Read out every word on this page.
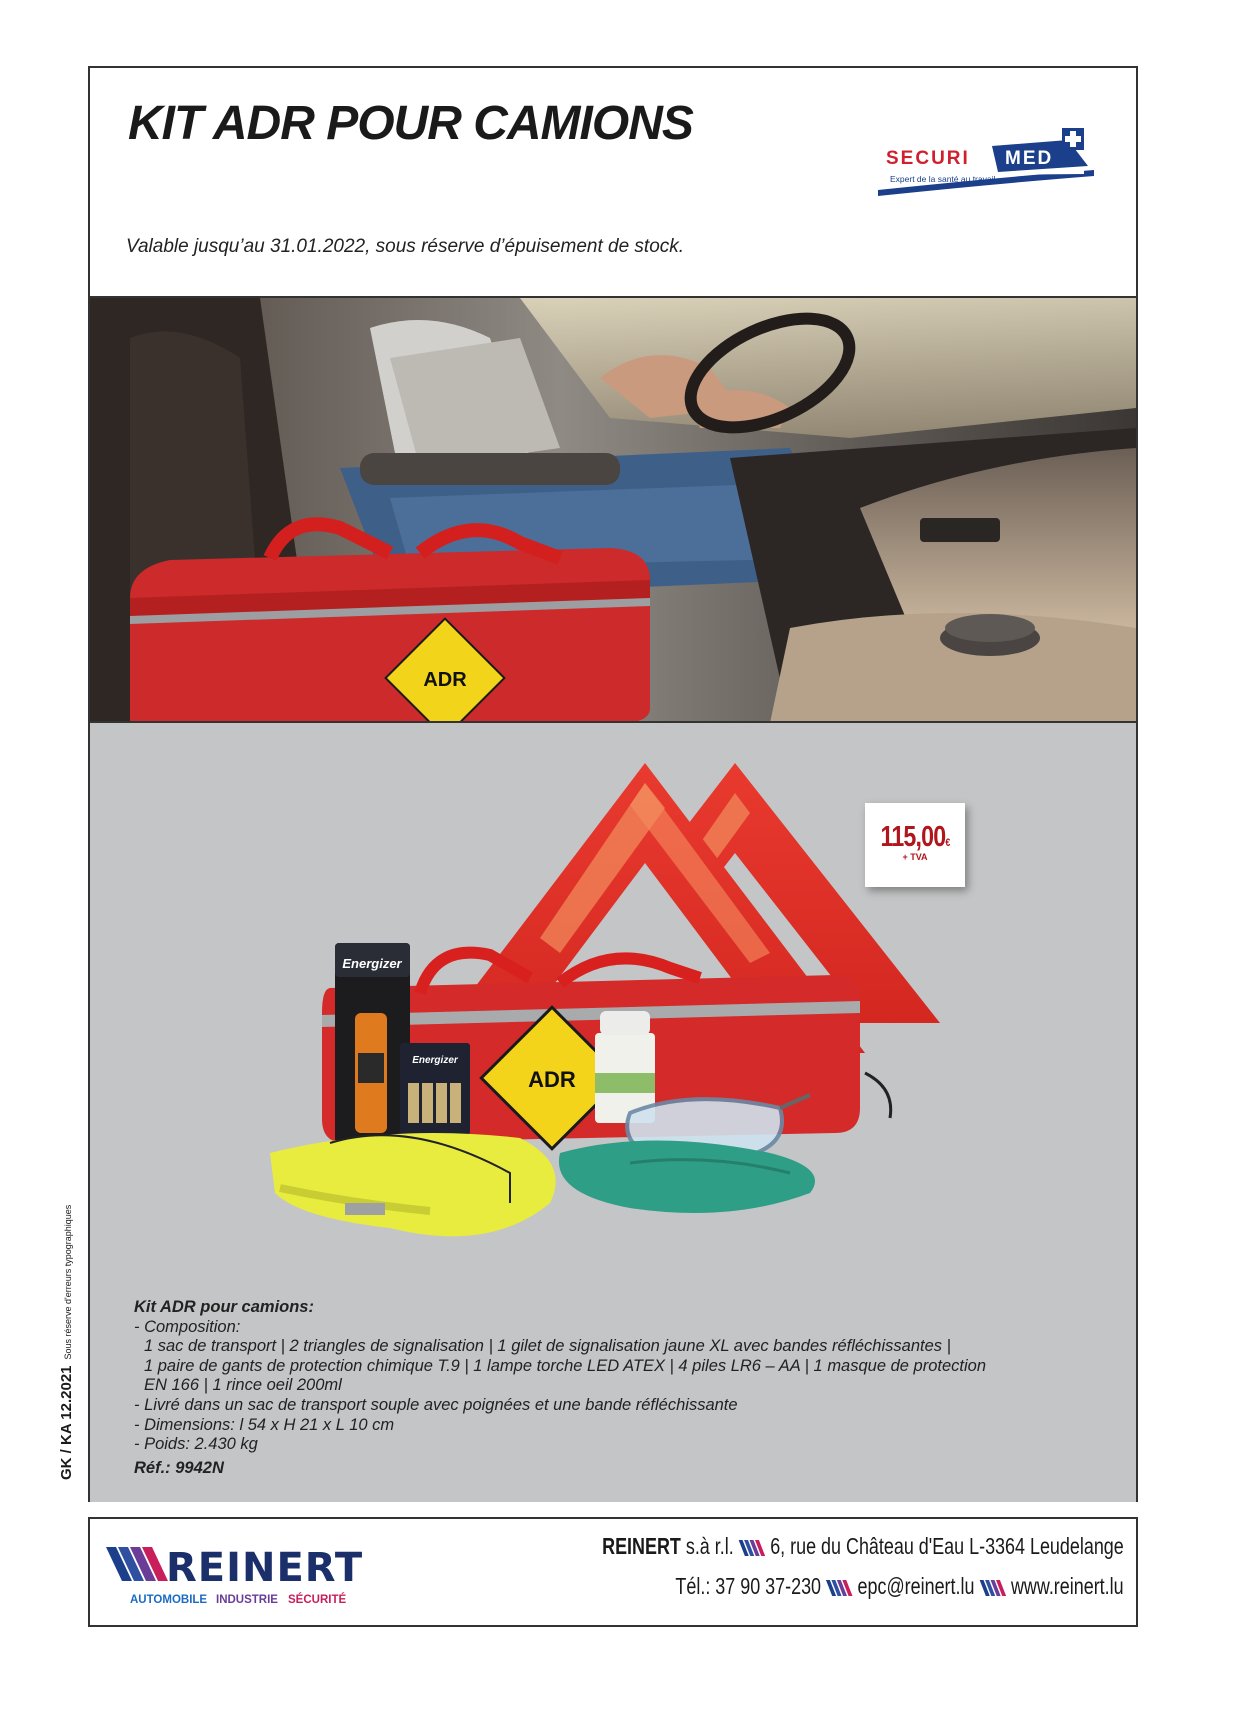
KIT ADR POUR CAMIONS
Valable jusqu’au 31.01.2022, sous réserve d’épuisement de stock.
SECURI MED
Expert de la santé au travail
ADR
ADR
Energizer
Energizer
115,00€
+ TVA
Kit ADR pour camions:
- Composition:
1 sac de transport | 2 triangles de signalisation | 1 gilet de signalisation jaune XL avec bandes réfléchissantes |
1 paire de gants de protection chimique T.9 | 1 lampe torche LED ATEX | 4 piles LR6 – AA | 1 masque de protection
EN 166 | 1 rince oeil 200ml
- Livré dans un sac de transport souple avec poignées et une bande réfléchissante
- Dimensions: l 54 x H 21 x L 10 cm
- Poids: 2.430 kg
Réf.: 9942N
GK / KA 12.2021Sous réserve d'erreurs typographiques
REINERT
AUTOMOBILE INDUSTRIE SÉCURITÉ
REINERT s.à r.l. 6, rue du Château d'Eau L-3364 Leudelange
Tél.: 37 90 37-230 epc@reinert.lu www.reinert.lu
